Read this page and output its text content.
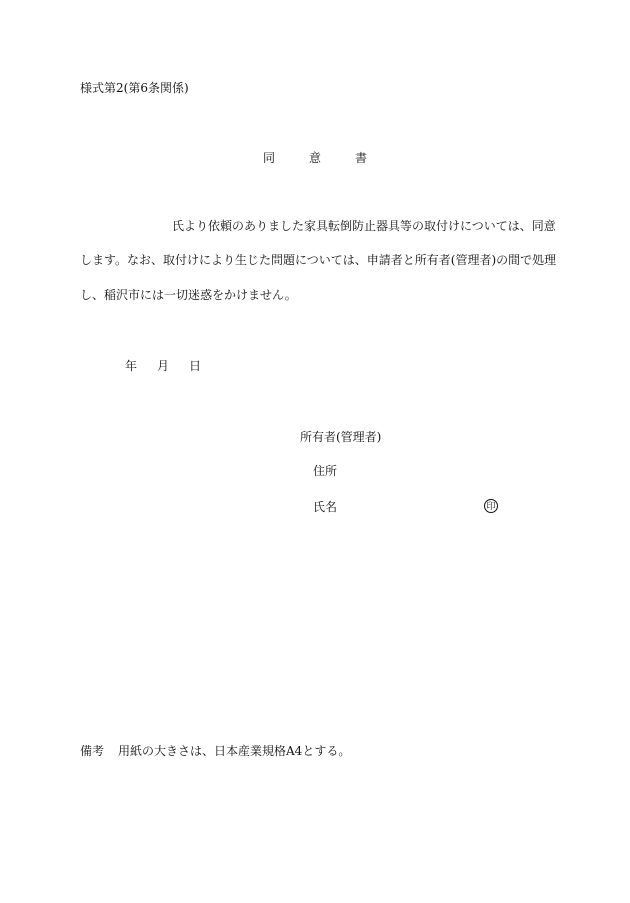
様式第2(第6条関係)
同	意	書
氏より依頼のありました家具転倒防止器具等の取付けについては、同意
します。なお、取付けにより生じた問題については、申請者と所有者(管理者)の間で処理
し、稲沢市には一切迷惑をかけません。
年 月 日
所有者(管理者)
住所
氏名	印
備考 用紙の大きさは、日本産業規格A4とする。
